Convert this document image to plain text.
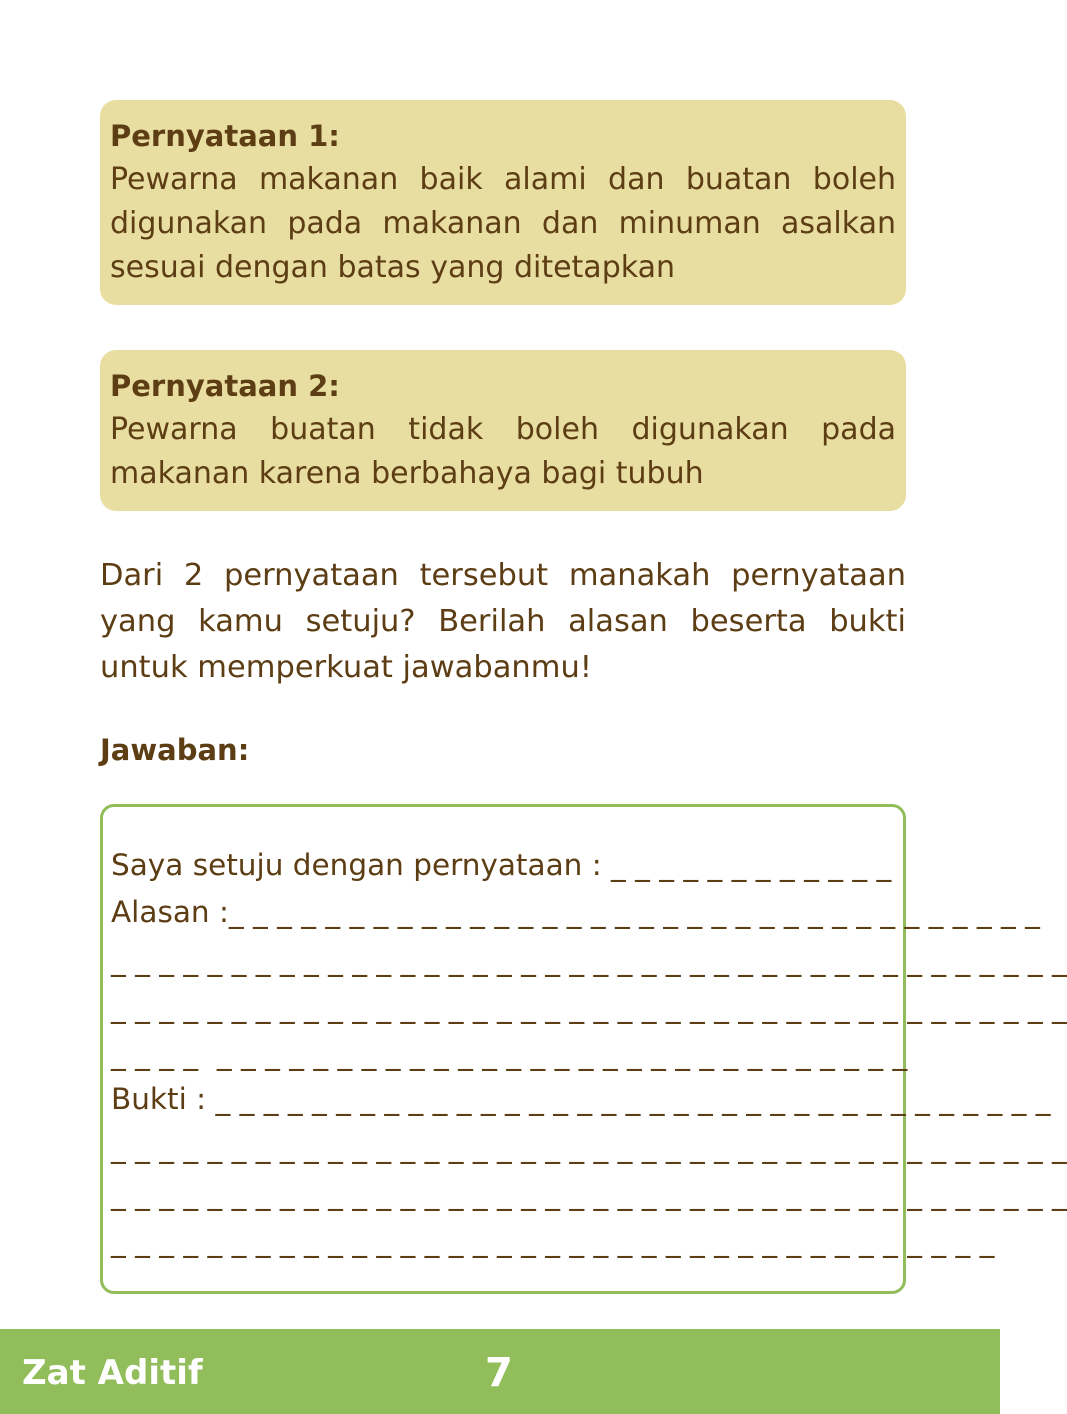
Pernyataan 1:
Pewarna makanan baik alami dan buatan boleh digunakan pada makanan dan minuman asalkan sesuai dengan batas yang ditetapkan
Pernyataan 2:
Pewarna buatan tidak boleh digunakan pada makanan karena berbahaya bagi tubuh
Dari 2 pernyataan tersebut manakah pernyataan yang kamu setuju? Berilah alasan beserta bukti untuk memperkuat jawabanmu!
Jawaban:
Saya setuju dengan pernyataan : _ _ _ _ _ _ _ _ _ _ _ _
Alasan :_ _ _ _ _ _ _ _ _ _ _ _ _ _ _ _ _ _ _ _ _ _ _ _ _ _ _ _ _ _ _ _ _ _
_ _ _ _ _ _ _ _ _ _ _ _ _ _ _ _ _ _ _ _ _ _ _ _ _ _ _ _ _ _ _ _ _ _ _ _ _ _ _ _
_ _ _ _ _ _ _ _ _ _ _ _ _ _ _ _ _ _ _ _ _ _ _ _ _ _ _ _ _ _ _ _ _ _ _ _ _ _ _ _
_ _ _ _  _ _ _ _ _ _ _ _ _ _ _ _ _ _ _ _ _ _ _ _ _ _ _ _ _ _ _ _ _
Bukti : _ _ _ _ _ _ _ _ _ _ _ _ _ _ _ _ _ _ _ _ _ _ _ _ _ _ _ _ _ _ _ _ _ _ _
_ _ _ _ _ _ _ _ _ _ _ _ _ _ _ _ _ _ _ _ _ _ _ _ _ _ _ _ _ _ _ _ _ _ _ _ _ _ _ _
_ _ _ _ _ _ _ _ _ _ _ _ _ _ _ _ _ _ _ _ _ _ _ _ _ _ _ _ _ _ _ _ _ _ _ _ _ _ _ _
_ _ _ _ _ _ _ _ _ _ _ _ _ _ _ _ _ _ _ _ _ _ _ _ _ _ _ _ _ _ _ _ _ _ _ _ _
Zat Aditif	7
